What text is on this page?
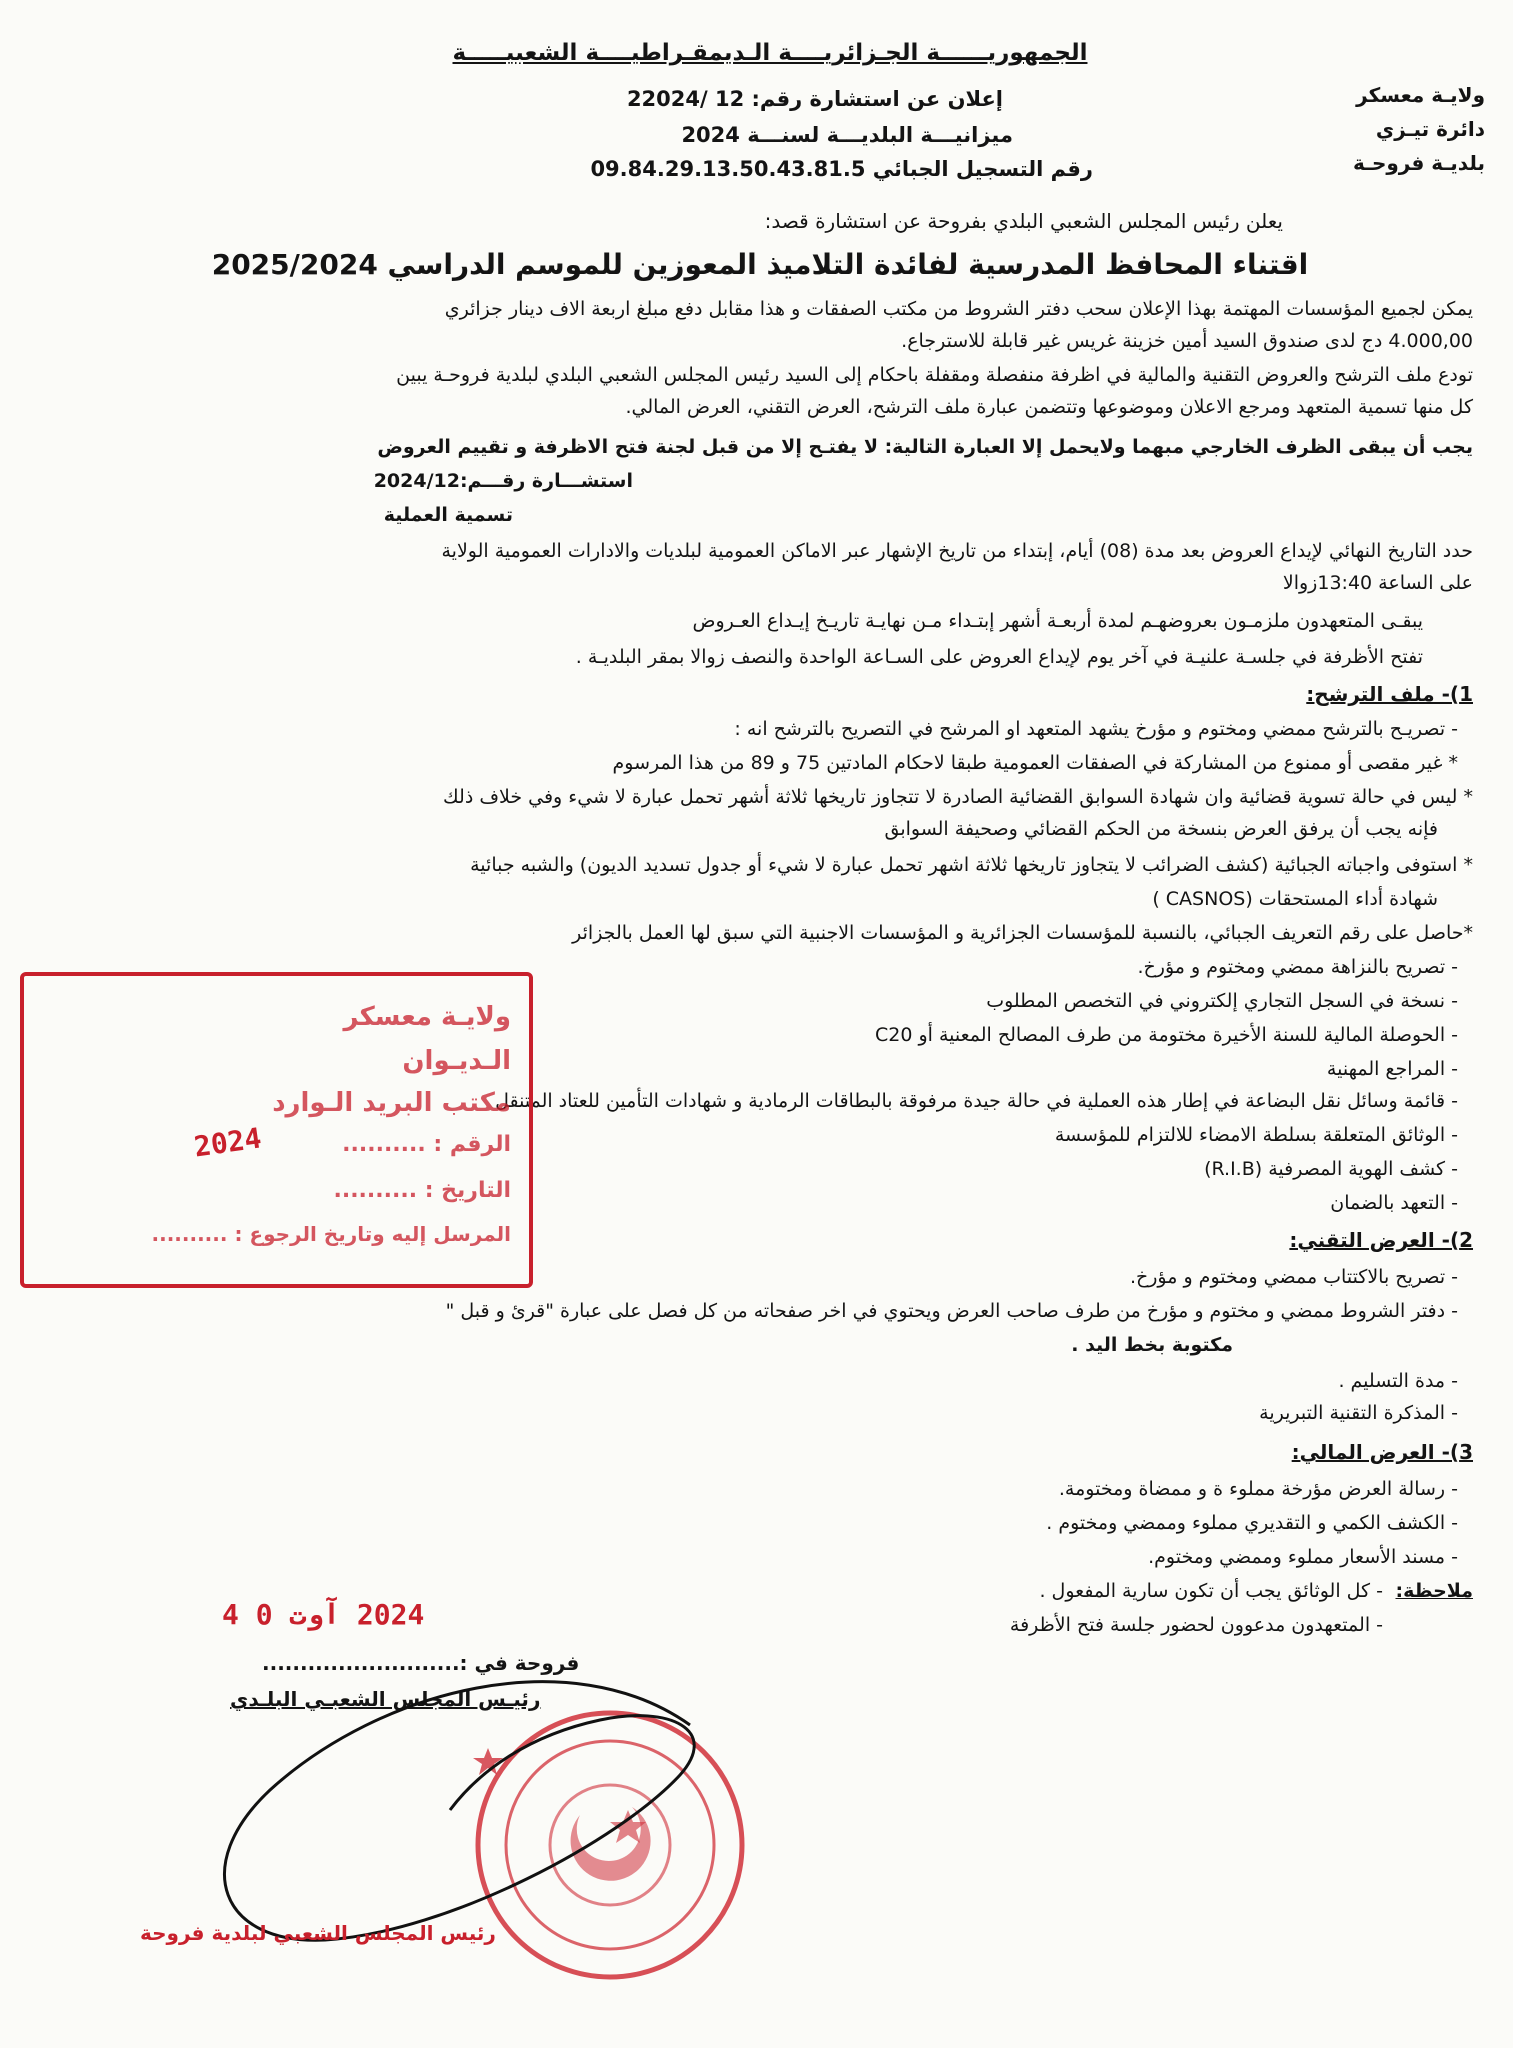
الجمهوريــــــة الجـزائريــــة الـديمقـراطيــــة الشعبيـــــة
ولايـة معسكر
دائرة تيـزي
بلديـة فروحـة
إعلان عن استشارة رقم: 12 /22024
ميزانيـــة البلديـــة لسنـــة 2024
رقم التسجيل الجبائي 09.84.29.13.50.43.81.5
يعلن رئيس المجلس الشعبي البلدي بفروحة عن استشارة قصد:
اقتناء المحافظ المدرسية لفائدة التلاميذ المعوزين للموسم الدراسي 2025/2024
يمكن لجميع المؤسسات المهتمة بهذا الإعلان سحب دفتر الشروط من مكتب الصفقات و هذا مقابل دفع مبلغ اربعة الاف دينار جزائري
4.000,00 دج لدى صندوق السيد أمين خزينة غريس غير قابلة للاسترجاع.
تودع ملف الترشح والعروض التقنية والمالية في اظرفة منفصلة ومقفلة باحكام إلى السيد رئيس المجلس الشعبي البلدي لبلدية فروحـة يبين
كل منها تسمية المتعهد ومرجع الاعلان وموضوعها وتتضمن عبارة ملف الترشح، العرض التقني، العرض المالي.
يجب أن يبقى الظرف الخارجي مبهما ولايحمل إلا العبارة التالية: لا يفتـح إلا من قبل لجنة فتح الاظرفة و تقييم العروض
استشـــارة رقـــم:2024/12
تسمية العملية
حدد التاريخ النهائي لإيداع العروض بعد مدة (08) أيام، إبتداء من تاريخ الإشهار عبر الاماكن العمومية لبلديات والادارات العمومية الولاية
على الساعة 13:40زوالا
يبقـى المتعهدون ملزمـون بعروضهـم لمدة أربعـة أشهر إبتـداء مـن نهايـة تاريـخ إيـداع العـروض
تفتح الأظرفة في جلسـة علنيـة في آخر يوم لإيداع العروض على السـاعة الواحدة والنصف زوالا بمقر البلديـة .
1)- ملف الترشح:
- تصريـح بالترشح ممضي ومختوم و مؤرخ يشهد المتعهد او المرشح في التصريح بالترشح انه :
* غير مقصى أو ممنوع من المشاركة في الصفقات العمومية طبقا لاحكام المادتين 75 و 89 من هذا المرسوم
* ليس في حالة تسوية قضائية وان شهادة السوابق القضائية الصادرة لا تتجاوز تاريخها ثلاثة أشهر تحمل عبارة لا شيء وفي خلاف ذلك
فإنه يجب أن يرفق العرض بنسخة من الحكم القضائي وصحيفة السوابق
* استوفى واجباته الجبائية (كشف الضرائب لا يتجاوز تاريخها ثلاثة اشهر تحمل عبارة لا شيء أو جدول تسديد الديون) والشبه جبائية
شهادة أداء المستحقات (CASNOS )
*حاصل على رقم التعريف الجبائي، بالنسبة للمؤسسات الجزائرية و المؤسسات الاجنبية التي سبق لها العمل بالجزائر
- تصريح بالنزاهة ممضي ومختوم و مؤرخ.
- نسخة في السجل التجاري إلكتروني في التخصص المطلوب
- الحوصلة المالية للسنة الأخيرة مختومة من طرف المصالح المعنية أو C20
- المراجع المهنية
- قائمة وسائل نقل البضاعة في إطار هذه العملية في حالة جيدة مرفوقة بالبطاقات الرمادية و شهادات التأمين للعتاد المتنقل
- الوثائق المتعلقة بسلطة الامضاء للالتزام للمؤسسة
- كشف الهوية المصرفية (R.I.B)
- التعهد بالضمان
2)- العرض التقني:
- تصريح بالاكتتاب ممضي ومختوم و مؤرخ.
- دفتر الشروط ممضي و مختوم و مؤرخ من طرف صاحب العرض ويحتوي في اخر صفحاته من كل فصل على عبارة "قرئ و قبل "
مكتوبة بخط اليد .
- مدة التسليم .
- المذكرة التقنية التبريرية
3)- العرض المالي:
- رسالة العرض مؤرخة مملوء ة و ممضاة ومختومة.
- الكشف الكمي و التقديري مملوء وممضي ومختوم .
- مسند الأسعار مملوء وممضي ومختوم.
ملاحظة:
- كل الوثائق يجب أن تكون سارية المفعول .
- المتعهدون مدعوون لحضور جلسة فتح الأظرفة
ولايـة معسكر
الـديـوان
مكتب البريد الـوارد
الرقم : ..........
التاريخ : ..........
المرسل إليه وتاريخ الرجوع : ..........
2024
2024 آوت 0 4
فروحة في :..........................
رئيـس المجلس الشعبـي البلـدي
رئيس المجلس الشعبي لبلدية فروحة
